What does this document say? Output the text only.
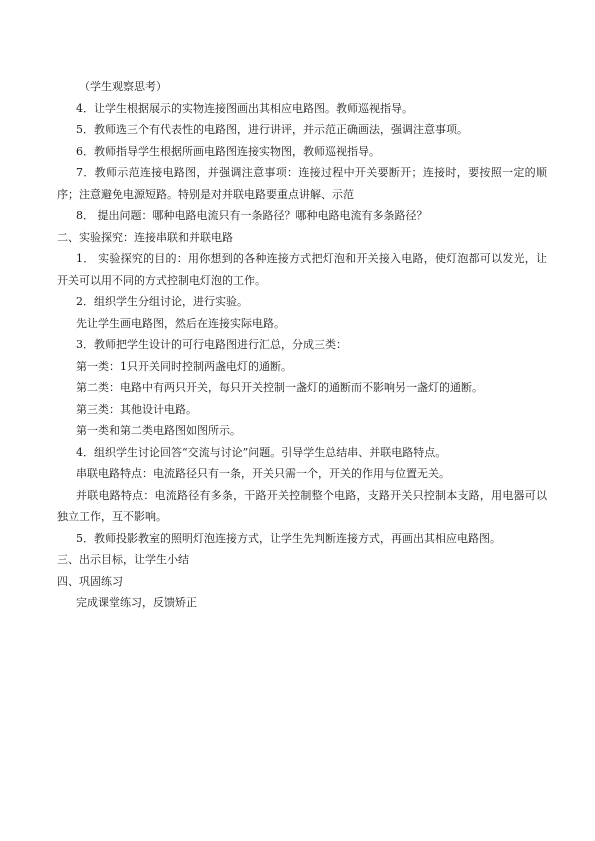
（学生观察思考）
4．让学生根据展示的实物连接图画出其相应电路图。教师巡视指导。
5．教师选三个有代表性的电路图，进行讲评，并示范正确画法，强调注意事项。
6．教师指导学生根据所画电路图连接实物图，教师巡视指导。
7．教师示范连接电路图，并强调注意事项：连接过程中开关要断开；连接时，要按照一定的顺序；注意避免电源短路。特别是对并联电路要重点讲解、示范
8． 提出问题：哪种电路电流只有一条路径？哪种电路电流有多条路径？
二、实验探究：连接串联和并联电路
1． 实验探究的目的：用你想到的各种连接方式把灯泡和开关接入电路，使灯泡都可以发光，让开关可以用不同的方式控制电灯泡的工作。
2．组织学生分组讨论，进行实验。
先让学生画电路图，然后在连接实际电路。
3．教师把学生设计的可行电路图进行汇总，分成三类：
第一类：1只开关同时控制两盏电灯的通断。
第二类：电路中有两只开关，每只开关控制一盏灯的通断而不影响另一盏灯的通断。
第三类：其他设计电路。
第一类和第二类电路图如图所示。
4．组织学生讨论回答“交流与讨论”问题。引导学生总结串、并联电路特点。
串联电路特点：电流路径只有一条，开关只需一个，开关的作用与位置无关。
并联电路特点：电流路径有多条，干路开关控制整个电路，支路开关只控制本支路，用电器可以独立工作，互不影响。
5．教师投影教室的照明灯泡连接方式，让学生先判断连接方式，再画出其相应电路图。
三、出示目标，让学生小结
四、巩固练习
完成课堂练习，反馈矫正
